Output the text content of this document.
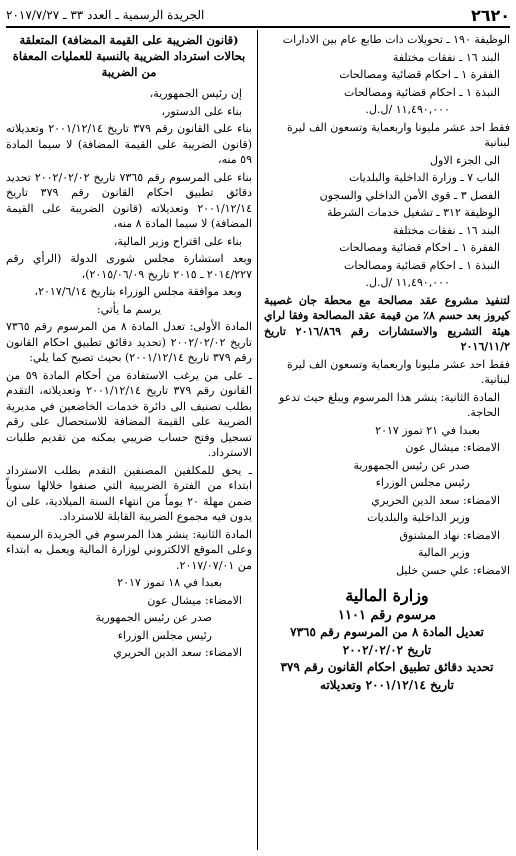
٢٦٢٠
الجريدة الرسمية ـ العدد ٣٣ ـ ٢٠١٧/٧/٢٧

الوظيفة ١٩٠ ـ تحويلات ذات طابع عام بين الادارات

البند ١٦ ـ نفقات مختلفة

الفقرة ١ ـ احكام قضائية ومصالحات

النبذة ١ ـ احكام قضائية ومصالحات

١١,٤٩٠,٠٠٠ /ل.ل.

فقط احد عشر مليونا واربعماية وتسعون الف ليرة لبنانية

الى الجزء الاول

الباب ٧ ـ وزارة الداخلية والبلديات

الفصل ٣ ـ قوى الأمن الداخلي والسجون

الوظيفة ٣١٢ ـ تشغيل خدمات الشرطة

البند ١٦ ـ نفقات مختلفة

الفقرة ١ ـ احكام قضائية ومصالحات

النبذة ١ ـ احكام قضائية ومصالحات

١١,٤٩٠,٠٠٠ /ل.ل.

لتنفيذ مشروع عقد مصالحة مع محطة جان غصيبة كيروز بعد حسم ٨٪ من قيمة عقد المصالحة وفقا لراي هيئة التشريع والاستشارات رقم ٢٠١٦/٨٦٩ تاريخ ٢٠١٦/١١/٢

فقط احد عشر مليونا واربعماية وتسعون الف ليرة لبنانية.

المادة الثانية: ينشر هذا المرسوم ويبلغ حيث تدعو الحاجة.

بعبدا في ٢١ تموز ٢٠١٧

الامضاء: ميشال عون

صدر عن رئيس الجمهورية

رئيس مجلس الوزراء

الامضاء: سعد الدين الحريري

وزير الداخلية والبلديات

الامضاء: نهاد المشنوق

وزير المالية

الامضاء: علي حسن خليل

وزارة المالية
مرسوم رقم ١١٠١
تعديل المادة ٨ من المرسوم رقم ٧٣٦٥
تاريخ ٢٠٠٢/٠٢/٠٢
تحديد دقائق تطبيق احكام القانون رقم ٣٧٩
تاريخ ٢٠٠١/١٢/١٤ وتعديلاته
(قانون الضريبة على القيمة المضافة) المتعلقة بحالات استرداد الضريبة بالنسبة للعمليات المعفاة من الضريبة

إن رئيس الجمهورية،

بناء على الدستور،

بناء على القانون رقم ٣٧٩ تاريخ ٢٠٠١/١٢/١٤ وتعديلاته (قانون الضريبة على القيمة المضافة) لا سيما المادة ٥٩ منه،

بناء على المرسوم رقم ٧٣٦٥ تاريخ ٢٠٠٢/٠٢/٠٢ تحديد دقائق تطبيق احكام القانون رقم ٣٧٩ تاريخ ٢٠٠١/١٢/١٤ وتعديلاته (قانون الضريبة على القيمة المضافة) لا سيما المادة ٨ منه،

بناء على اقتراح وزير المالية،

وبعد استشارة مجلس شورى الدولة (الرأي رقم ٢٠١٤/٢٢٧ ـ ٢٠١٥ تاريخ ٢٠١٥/٠٦/٠٩)،

وبعد موافقة مجلس الوزراء بتاريخ ٢٠١٧/٦/١٤،

يرسم ما يأتي:

المادة الأولى: تعدل المادة ٨ من المرسوم رقم ٧٣٦٥ تاريخ ٢٠٠٢/٠٢/٠٢ (تحديد دقائق تطبيق احكام القانون رقم ٣٧٩ تاريخ ٢٠٠١/١٢/١٤) بحيث تصبح كما يلي:

ـ على من يرغب الاستفادة من أحكام المادة ٥٩ من القانون رقم ٣٧٩ تاريخ ٢٠٠١/١٢/١٤ وتعديلاته، التقدم بطلب تصنيف الى دائرة خدمات الخاضعين في مديرية الضريبة على القيمة المضافة للاستحصال على رقم تسجيل وفتح حساب ضريبي يمكنه من تقديم طلبات الاسترداد.

ـ يحق للمكلفين المصنفين التقدم بطلب الاسترداد ابتداء من الفترة الضريبية التي صنفوا خلالها سنوياً ضمن مهلة ٢٠ يوماً من انتهاء السنة الميلادية، على ان يدون فيه مجموع الضريبة القابلة للاسترداد.

المادة الثانية: ينشر هذا المرسوم في الجريدة الرسمية وعلى الموقع الالكتروني لوزارة المالية ويعمل به ابتداء من ٢٠١٧/٠٧/٠١.

بعبدا في ١٨ تموز ٢٠١٧

الامضاء: ميشال عون

صدر عن رئيس الجمهورية

رئيس مجلس الوزراء

الامضاء: سعد الدين الحريري
